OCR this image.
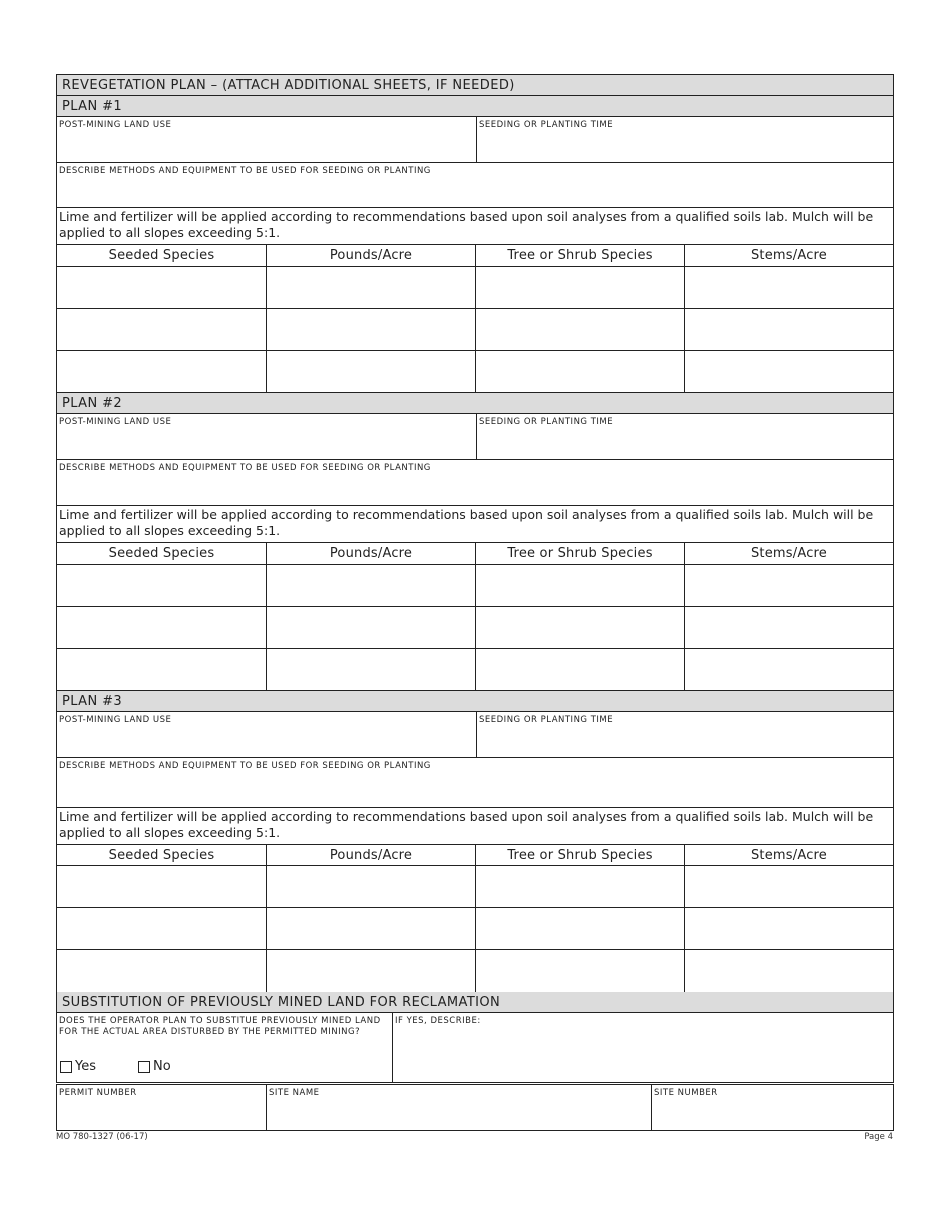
REVEGETATION PLAN – (ATTACH ADDITIONAL SHEETS, IF NEEDED)
PLAN #1
POST-MINING LAND USE	SEEDING OR PLANTING TIME
DESCRIBE METHODS AND EQUIPMENT TO BE USED FOR SEEDING OR PLANTING
Lime and fertilizer will be applied according to recommendations based upon soil analyses from a qualified soils lab. Mulch will be applied to all slopes exceeding 5:1.
Seeded Species	Pounds/Acre	Tree or Shrub Species	Stems/Acre
PLAN #2
POST-MINING LAND USE	SEEDING OR PLANTING TIME
DESCRIBE METHODS AND EQUIPMENT TO BE USED FOR SEEDING OR PLANTING
Lime and fertilizer will be applied according to recommendations based upon soil analyses from a qualified soils lab. Mulch will be applied to all slopes exceeding 5:1.
Seeded Species	Pounds/Acre	Tree or Shrub Species	Stems/Acre
PLAN #3
POST-MINING LAND USE	SEEDING OR PLANTING TIME
DESCRIBE METHODS AND EQUIPMENT TO BE USED FOR SEEDING OR PLANTING
Lime and fertilizer will be applied according to recommendations based upon soil analyses from a qualified soils lab. Mulch will be applied to all slopes exceeding 5:1.
Seeded Species	Pounds/Acre	Tree or Shrub Species	Stems/Acre
SUBSTITUTION OF PREVIOUSLY MINED LAND FOR RECLAMATION
DOES THE OPERATOR PLAN TO SUBSTITUE PREVIOUSLY MINED LAND FOR THE ACTUAL AREA DISTURBED BY THE PERMITTED MINING?
Yes	No
IF YES, DESCRIBE:
PERMIT NUMBER	SITE NAME	SITE NUMBER
MO 780-1327 (06-17)	Page 4
